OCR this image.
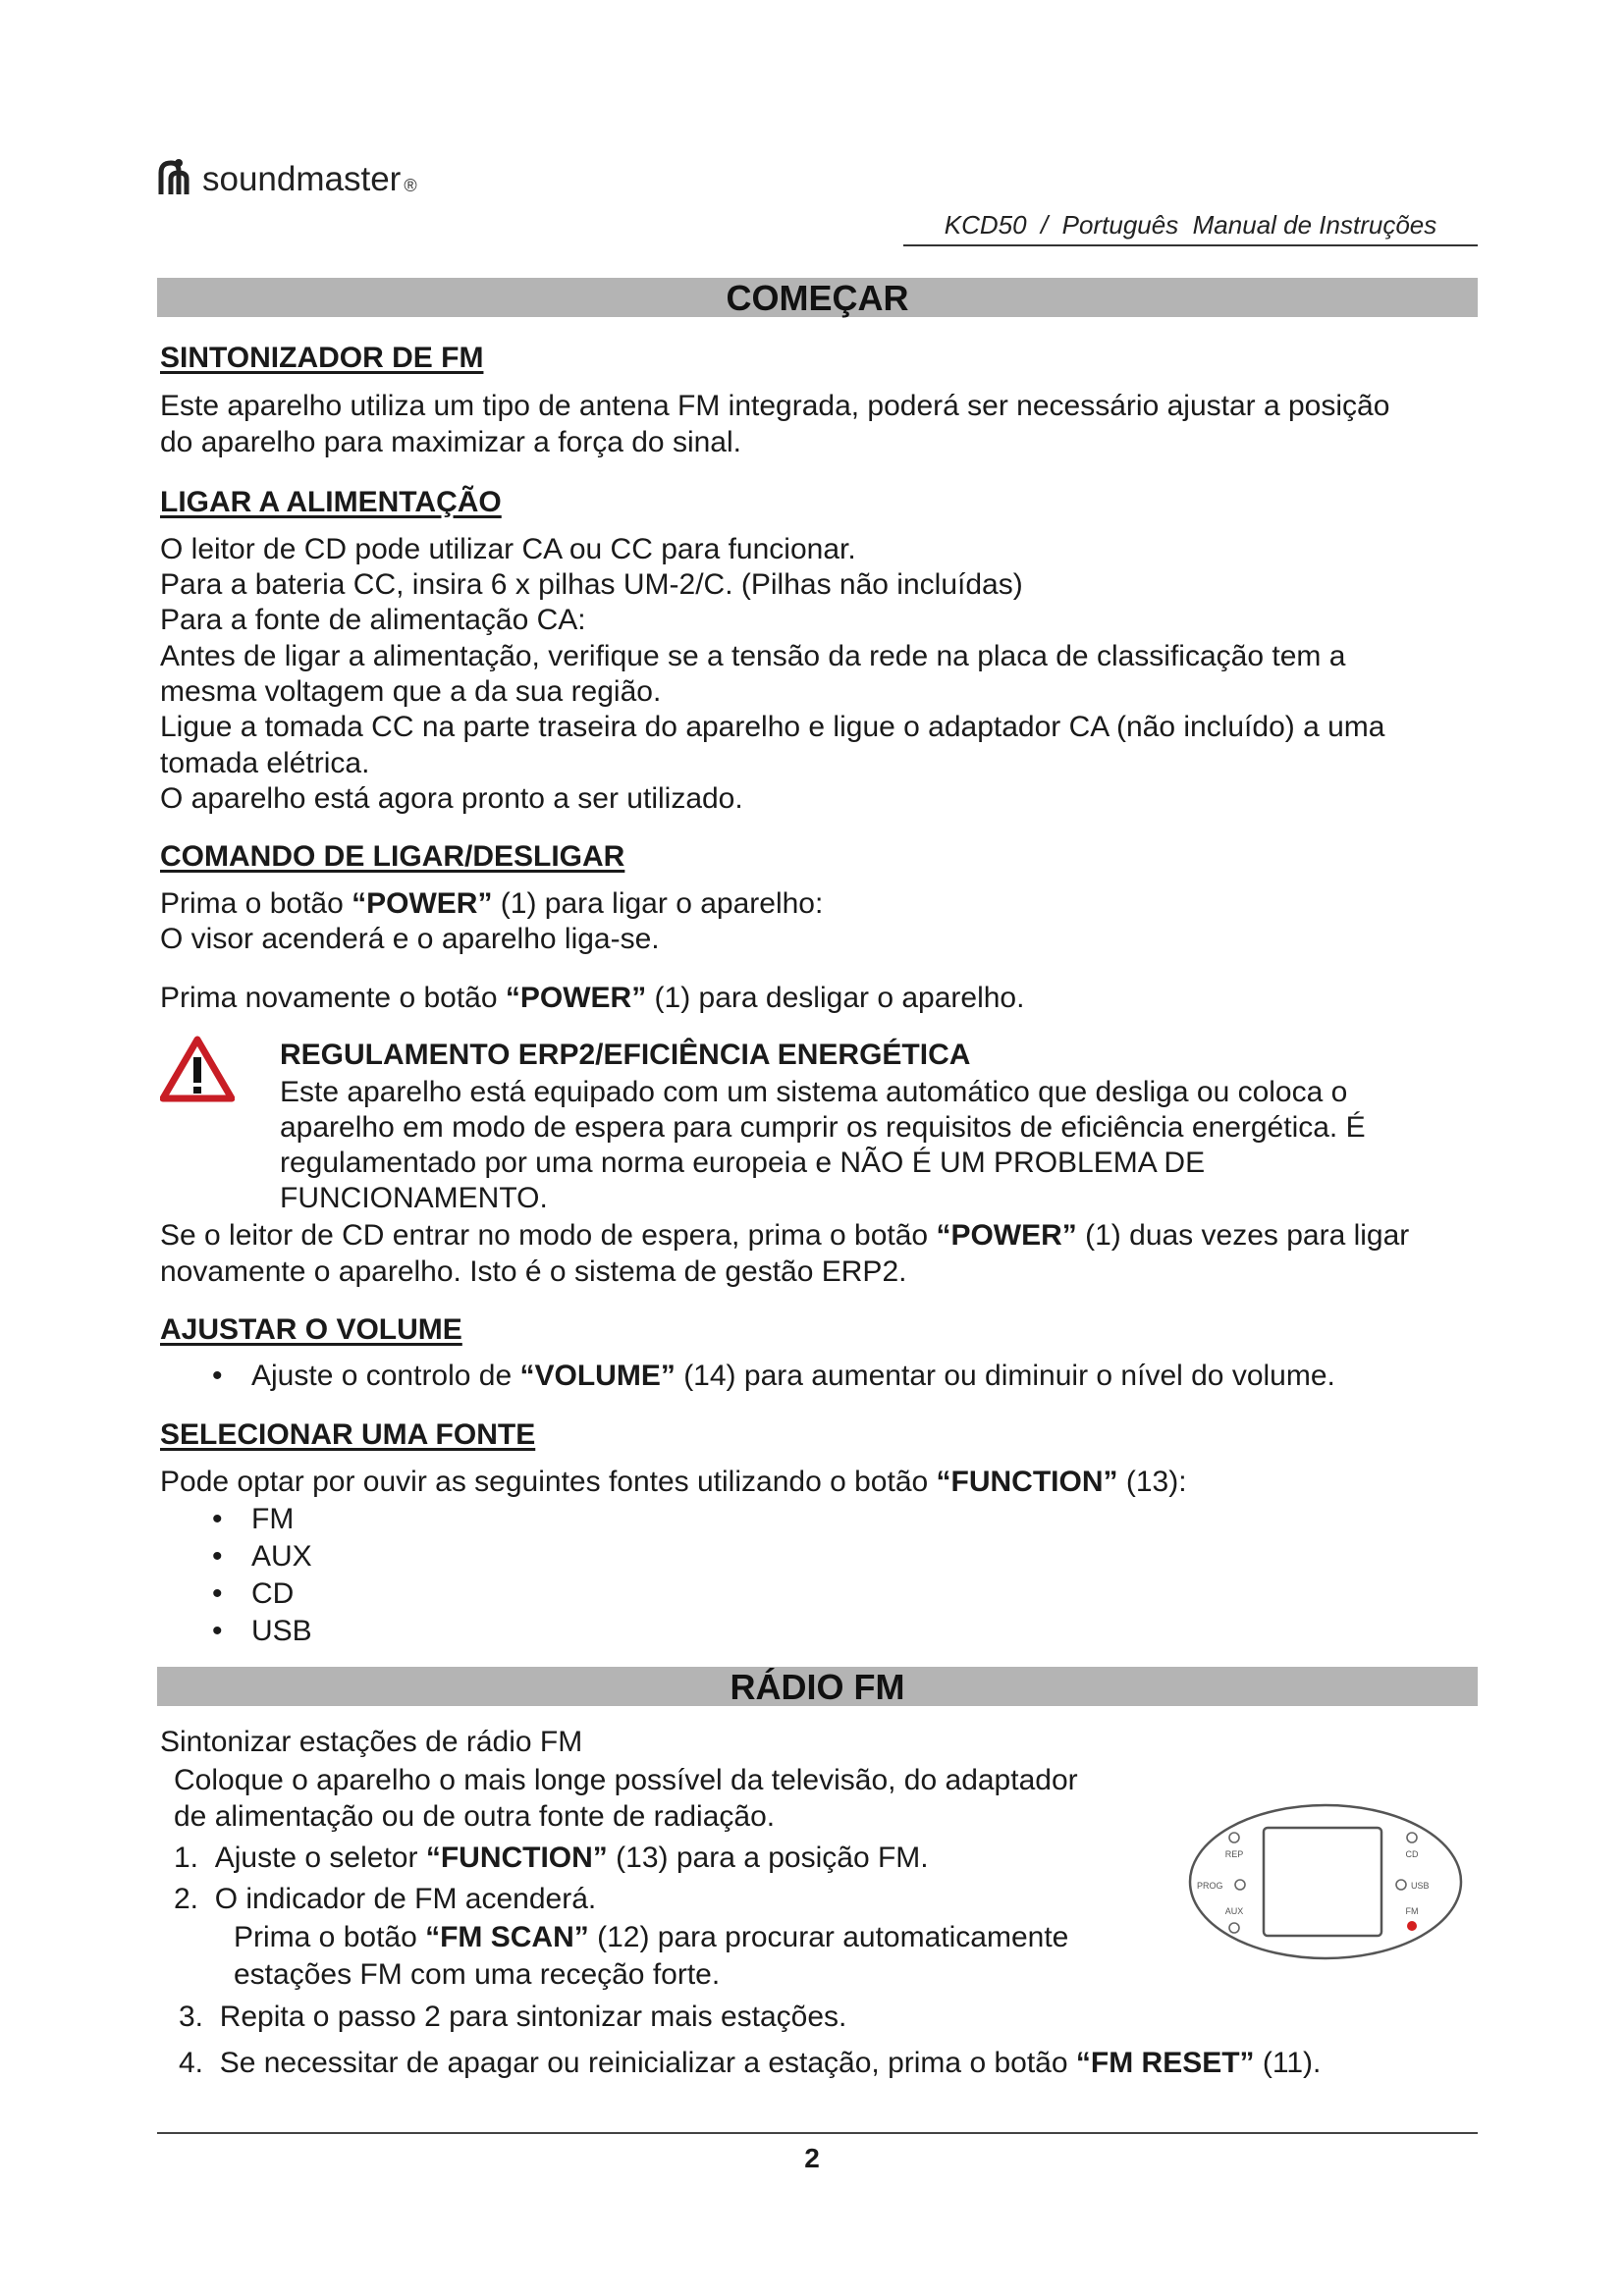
soundmaster ®
KCD50  /  Português  Manual de Instruções
COMEÇAR
SINTONIZADOR DE FM
Este aparelho utiliza um tipo de antena FM integrada, poderá ser necessário ajustar a posição
do aparelho para maximizar a força do sinal.
LIGAR A ALIMENTAÇÃO
O leitor de CD pode utilizar CA ou CC para funcionar.
Para a bateria CC, insira 6 x pilhas UM-2/C. (Pilhas não incluídas)
Para a fonte de alimentação CA:
Antes de ligar a alimentação, verifique se a tensão da rede na placa de classificação tem a
mesma voltagem que a da sua região.
Ligue a tomada CC na parte traseira do aparelho e ligue o adaptador CA (não incluído) a uma
tomada elétrica.
O aparelho está agora pronto a ser utilizado.
COMANDO DE LIGAR/DESLIGAR
Prima o botão “POWER” (1) para ligar o aparelho:
O visor acenderá e o aparelho liga-se.
Prima novamente o botão “POWER” (1) para desligar o aparelho.
REGULAMENTO ERP2/EFICIÊNCIA ENERGÉTICA
Este aparelho está equipado com um sistema automático que desliga ou coloca o
aparelho em modo de espera para cumprir os requisitos de eficiência energética. É
regulamentado por uma norma europeia e NÃO É UM PROBLEMA DE
FUNCIONAMENTO.
Se o leitor de CD entrar no modo de espera, prima o botão “POWER” (1) duas vezes para ligar
novamente o aparelho. Isto é o sistema de gestão ERP2.
AJUSTAR O VOLUME
• Ajuste o controlo de “VOLUME” (14) para aumentar ou diminuir o nível do volume.
SELECIONAR UMA FONTE
Pode optar por ouvir as seguintes fontes utilizando o botão “FUNCTION” (13):
• FM
• AUX
• CD
• USB
RÁDIO FM
Sintonizar estações de rádio FM
Coloque o aparelho o mais longe possível da televisão, do adaptador
de alimentação ou de outra fonte de radiação.
1. Ajuste o seletor “FUNCTION” (13) para a posição FM.
2. O indicador de FM acenderá.
Prima o botão “FM SCAN” (12) para procurar automaticamente
estações FM com uma receção forte.
3. Repita o passo 2 para sintonizar mais estações.
4. Se necessitar de apagar ou reinicializar a estação, prima o botão “FM RESET” (11).
REP	CD
PROG	USB
AUX	FM
2
